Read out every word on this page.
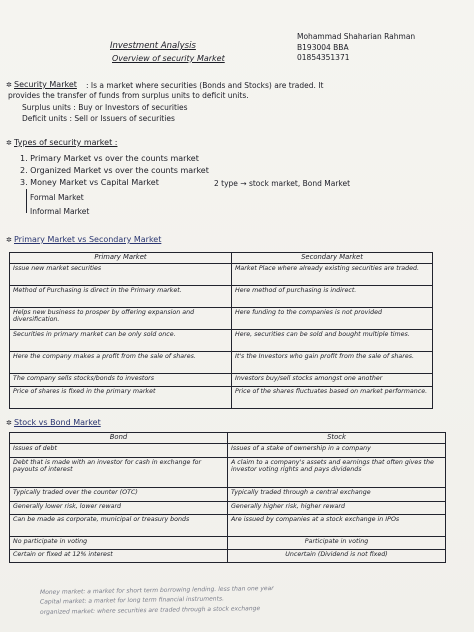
Investment Analysis
Overview of security Market
Mohammad Shaharian Rahman
B193004 BBA
01854351371
✲ Security Market : Is a market where securities (Bonds and Stocks) are traded. It
provides the transfer of funds from surplus units to deficit units.
Surplus units : Buy or Investors of securities
Deficit units : Sell or Issuers of securities
✲ Types of security market :
1. Primary Market vs over the counts market
2. Organized Market vs over the counts market
3. Money Market vs Capital Market	2 type → stock market, Bond Market
Formal Market
Informal Market
✲ Primary Market vs Secondary Market
Primary Market	Secondary Market
Issue new market securities	Market Place where already existing securities are traded.
Method of Purchasing is direct in the Primary market.	Here method of purchasing is indirect.
Helps new business to prosper by offering expansion and diversification.	Here funding to the companies is not provided
Securities in primary market can be only sold once.	Here, securities can be sold and bought multiple times.
Here the company makes a profit from the sale of shares.	It's the Investors who gain profit from the sale of shares.
The company sells stocks/bonds to investors	Investors buy/sell stocks amongst one another
Price of shares is fixed in the primary market	Price of the shares fluctuates based on market performance.
✲ Stock vs Bond Market
Bond	Stock
Issues of debt	Issues of a stake of ownership in a company
Debt that is made with an investor for cash in exchange for payouts of interest	A claim to a company's assets and earnings that often gives the investor voting rights and pays dividends
Typically traded over the counter (OTC)	Typically traded through a central exchange
Generally lower risk, lower reward	Generally higher risk, higher reward
Can be made as corporate, municipal or treasury bonds	Are issued by companies at a stock exchange in IPOs
No participate in voting	Participate in voting
Certain or fixed at 12% interest	Uncertain (Dividend is not fixed)
Money market: a market for short term borrowing lending. less than one year
Capital market: a market for long term financial instruments.
organized market: where securities are traded through a stock exchange
